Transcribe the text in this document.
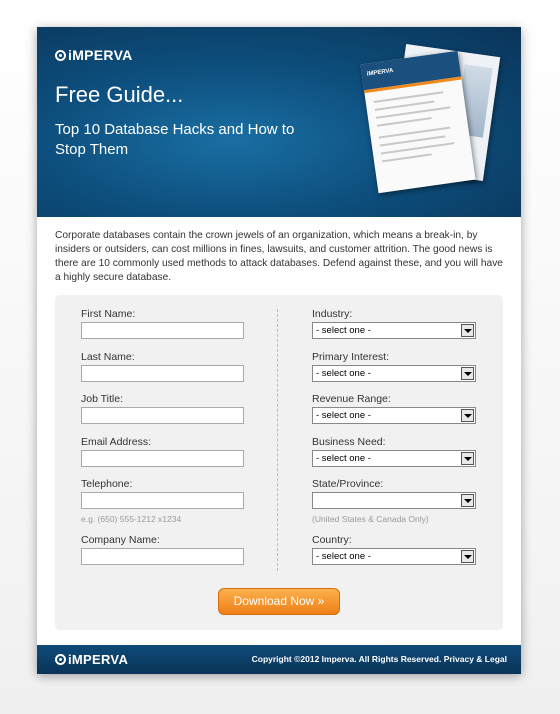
iMPERVA
Free Guide...
Top 10 Database Hacks and How to Stop Them
iMPERVA
Corporate databases contain the crown jewels of an organization, which means a break-in, by insiders or outsiders, can cost millions in fines, lawsuits, and customer attrition. The good news is there are 10 commonly used methods to attack databases. Defend against these, and you will have a highly secure database.
First Name:
Last Name:
Job Title:
Email Address:
Telephone:
e.g. (650) 555-1212 x1234
Company Name:
Industry:
- select one -
Primary Interest:
- select one -
Revenue Range:
- select one -
Business Need:
- select one -
State/Province:
(United States & Canada Only)
Country:
- select one -
Download Now »
iMPERVA	Copyright ©2012 Imperva. All Rights Reserved. Privacy & Legal
